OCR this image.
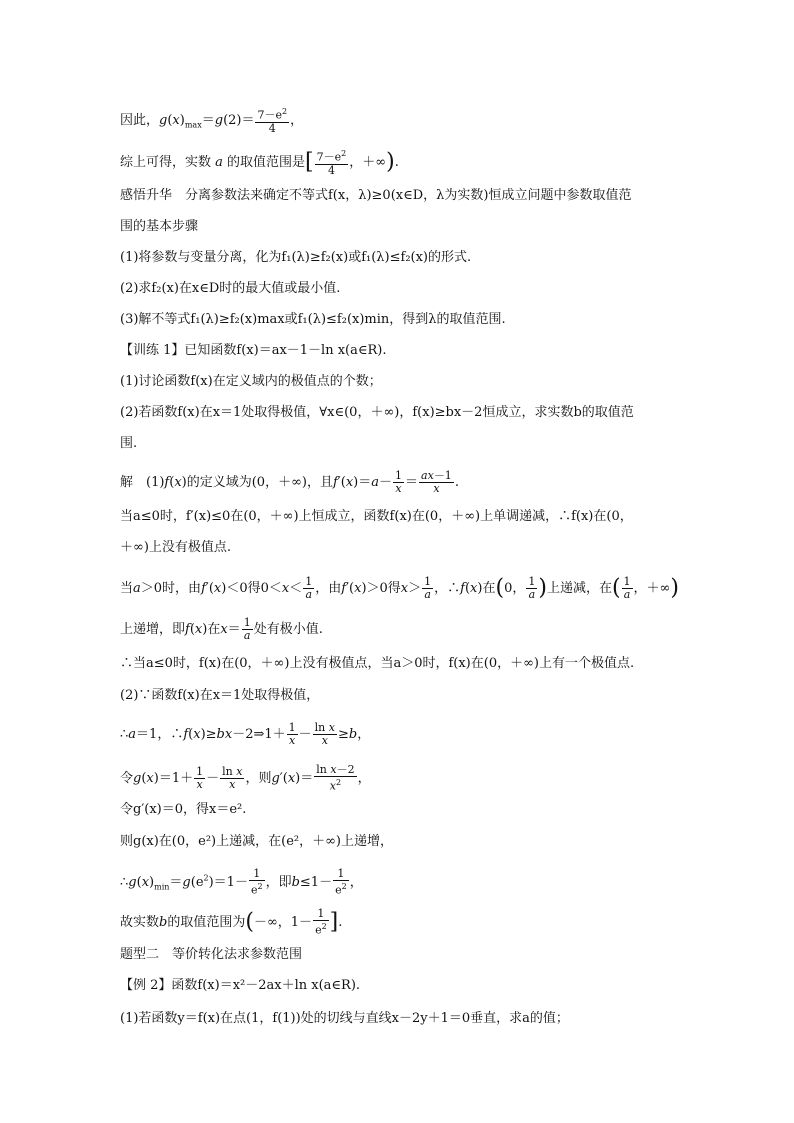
因此，$g(x)_{max}=g(2)= \frac{7-e^2}{4}$ ，
综上可得，实数 a 的取值范围是[ $\frac{7-e^2}{4}$ ，＋∞).
感悟升华　分离参数法来确定不等式f(x，λ)≥0(x∈D，λ为实数)恒成立问题中参数取值范
围的基本步骤
(1)将参数与变量分离，化为f₁(λ)≥f₂(x)或f₁(λ)≤f₂(x)的形式.
(2)求f₂(x)在x∈D时的最大值或最小值.
(3)解不等式f₁(λ)≥f₂(x)max或f₁(λ)≤f₂(x)min，得到λ的取值范围.
【训练 1】已知函数f(x)＝ax－1－ln x(a∈R).
(1)讨论函数f(x)在定义域内的极值点的个数；
(2)若函数f(x)在x＝1处取得极值，∀x∈(0，＋∞)，f(x)≥bx－2恒成立，求实数b的取值范
围.
解　(1)f(x)的定义域为(0，＋∞)，且$f'(x)=a- \frac{1}{x} = \frac{ax-1}{x}$ .
当a≤0时，f′(x)≤0在(0，＋∞)上恒成立，函数f(x)在(0，＋∞)上单调递减，∴f(x)在(0，
＋∞)上没有极值点.
当a＞0时，由f′(x)＜0得$0<x< \frac{1}{a}$ ，由f′(x)＞0得$x> \frac{1}{a}$ ，∴f(x)在(0， $\frac{1}{a}$ )上递减，在( $\frac{1}{a}$ ，＋∞)
上递增，即f(x)在$x= \frac{1}{a}$ 处有极小值.
∴当a≤0时，f(x)在(0，＋∞)上没有极值点，当a＞0时，f(x)在(0，＋∞)上有一个极值点.
(2)∵函数f(x)在x＝1处取得极值，
∴a＝1，∴f(x)≥bx－2⇒1＋ $\frac{1}{x} - \frac{\text{ln x}}{x} \ge b$，
令$g(x)=1+ \frac{1}{x} - \frac{\text{ln x}}{x}$ ，则$g'(x)= \frac{\text{ln x－2}}{x^2}$ ，
令g′(x)＝0，得x＝e².
则g(x)在(0，e²)上递减，在(e²，＋∞)上递增，
$\therefore g(x)_{min}=g(e^2)=1- \frac{1}{e^2}$ ，即$b\le 1- \frac{1}{e^2}$ ，
故实数b的取值范围为(－∞，$1- \frac{1}{e^2}$ ].
题型二　等价转化法求参数范围
【例 2】函数f(x)＝x²－2ax＋ln x(a∈R).
(1)若函数y＝f(x)在点(1，f(1))处的切线与直线x－2y＋1＝0垂直，求a的值；
